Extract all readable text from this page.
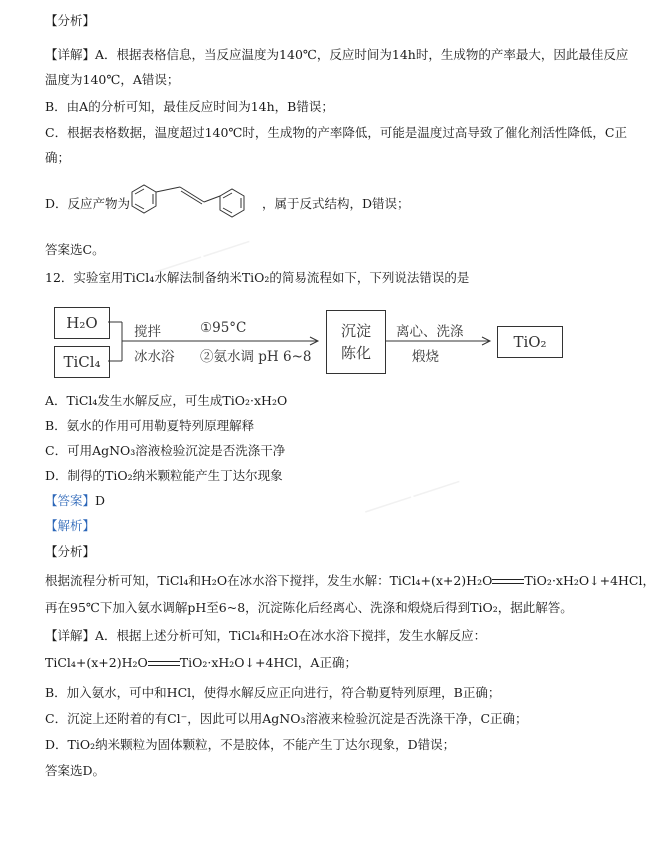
⸺⸺
⸺⸺
【分析】
【详解】A．根据表格信息，当反应温度为140℃，反应时间为14h时，生成物的产率最大，因此最佳反应
温度为140℃，A错误；
B．由A的分析可知，最佳反应时间为14h，B错误；
C．根据表格数据，温度超过140℃时，生成物的产率降低，可能是温度过高导致了催化剂活性降低，C正
确；
D．反应产物为	，属于反式结构，D错误；
答案选C。
12．实验室用TiCl₄水解法制备纳米TiO₂的简易流程如下，下列说法错误的是
H₂O
TiCl₄
搅拌
冰水浴
①95°C
②氨水调 pH 6~8
沉淀
陈化
离心、洗涤
煅烧
TiO₂
A．TiCl₄发生水解反应，可生成TiO₂·xH₂O
B．氨水的作用可用勒夏特列原理解释
C．可用AgNO₃溶液检验沉淀是否洗涤干净
D．制得的TiO₂纳米颗粒能产生丁达尔现象
【答案】D
【解析】
【分析】
根据流程分析可知，TiCl₄和H₂O在冰水浴下搅拌，发生水解：TiCl₄+(x+2)H₂O	TiO₂·xH₂O↓+4HCl，
再在95℃下加入氨水调解pH至6~8，沉淀陈化后经离心、洗涤和煅烧后得到TiO₂，据此解答。
【详解】A．根据上述分析可知，TiCl₄和H₂O在冰水浴下搅拌，发生水解反应：
TiCl₄+(x+2)H₂O	TiO₂·xH₂O↓+4HCl，A正确；
B．加入氨水，可中和HCl，使得水解反应正向进行，符合勒夏特列原理，B正确；
C．沉淀上还附着的有Cl⁻，因此可以用AgNO₃溶液来检验沉淀是否洗涤干净，C正确；
D．TiO₂纳米颗粒为固体颗粒，不是胶体，不能产生丁达尔现象，D错误；
答案选D。
